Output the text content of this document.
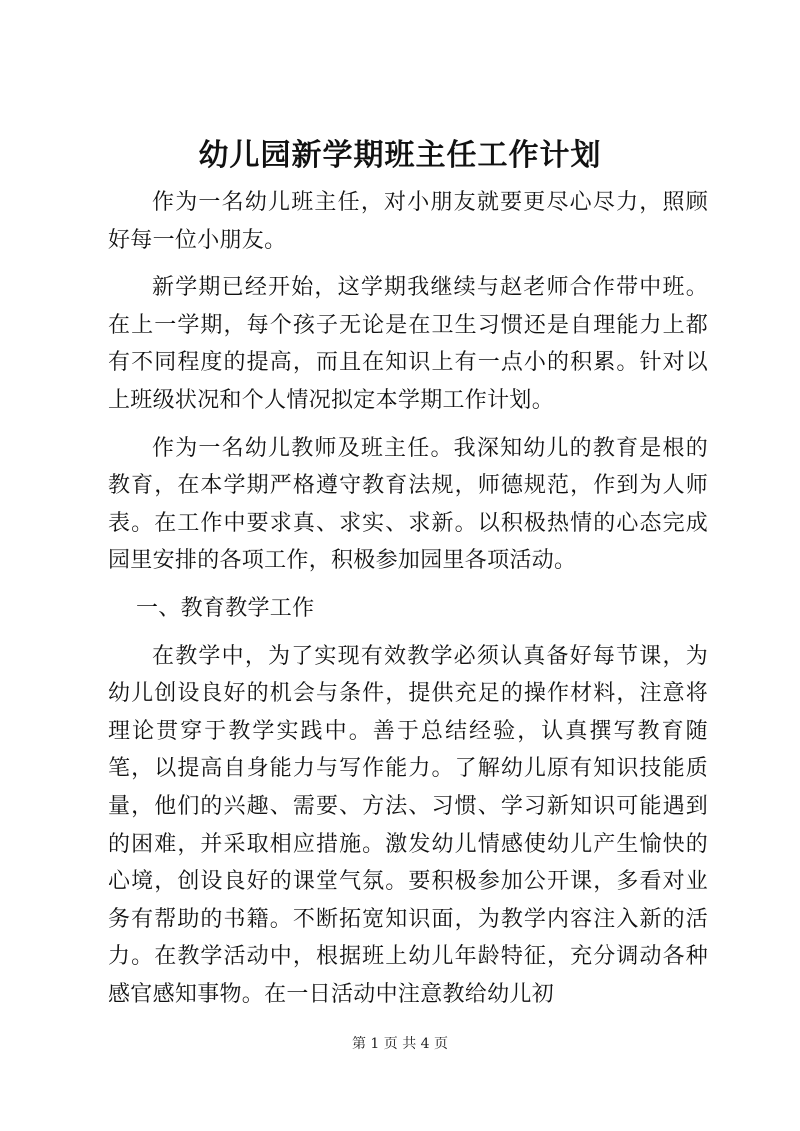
幼儿园新学期班主任工作计划

作为一名幼儿班主任，对小朋友就要更尽心尽力，照顾好每一位小朋友。

新学期已经开始，这学期我继续与赵老师合作带中班。在上一学期，每个孩子无论是在卫生习惯还是自理能力上都有不同程度的提高，而且在知识上有一点小的积累。针对以上班级状况和个人情况拟定本学期工作计划。

作为一名幼儿教师及班主任。我深知幼儿的教育是根的教育，在本学期严格遵守教育法规，师德规范，作到为人师表。在工作中要求真、求实、求新。以积极热情的心态完成园里安排的各项工作，积极参加园里各项活动。

一、教育教学工作

在教学中，为了实现有效教学必须认真备好每节课，为幼儿创设良好的机会与条件，提供充足的操作材料，注意将理论贯穿于教学实践中。善于总结经验，认真撰写教育随笔，以提高自身能力与写作能力。了解幼儿原有知识技能质量，他们的兴趣、需要、方法、习惯、学习新知识可能遇到的困难，并采取相应措施。激发幼儿情感使幼儿产生愉快的心境，创设良好的课堂气氛。要积极参加公开课，多看对业务有帮助的书籍。不断拓宽知识面，为教学内容注入新的活力。在教学活动中，根据班上幼儿年龄特征，充分调动各种感官感知事物。在一日活动中注意教给幼儿初

第 1 页 共 4 页
